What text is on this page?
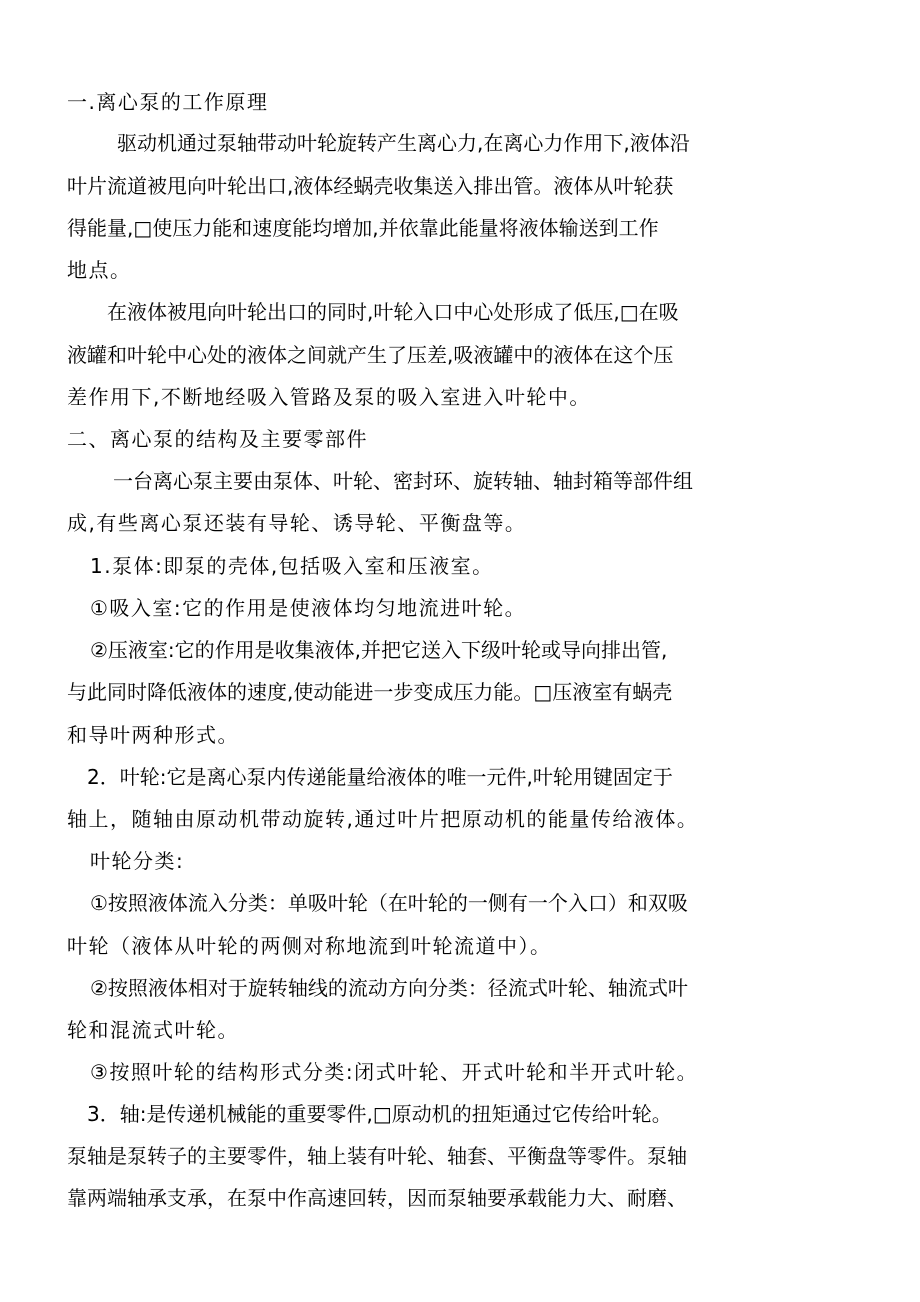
一.离心泵的工作原理
驱动机通过泵轴带动叶轮旋转产生离心力,在离心力作用下,液体沿
叶片流道被甩向叶轮出口,液体经蜗壳收集送入排出管。液体从叶轮获
得能量,□使压力能和速度能均增加,并依靠此能量将液体输送到工作
地点。
在液体被甩向叶轮出口的同时,叶轮入口中心处形成了低压,□在吸
液罐和叶轮中心处的液体之间就产生了压差,吸液罐中的液体在这个压
差作用下,不断地经吸入管路及泵的吸入室进入叶轮中。
二、离心泵的结构及主要零部件
一台离心泵主要由泵体、叶轮、密封环、旋转轴、轴封箱等部件组
成,有些离心泵还装有导轮、诱导轮、平衡盘等。
1.泵体:即泵的壳体,包括吸入室和压液室。
①吸入室:它的作用是使液体均匀地流进叶轮。
②压液室:它的作用是收集液体,并把它送入下级叶轮或导向排出管,
与此同时降低液体的速度,使动能进一步变成压力能。□压液室有蜗壳
和导叶两种形式。
2．叶轮:它是离心泵内传递能量给液体的唯一元件,叶轮用键固定于
轴上，随轴由原动机带动旋转,通过叶片把原动机的能量传给液体。
叶轮分类:
①按照液体流入分类：单吸叶轮（在叶轮的一侧有一个入口）和双吸
叶轮（液体从叶轮的两侧对称地流到叶轮流道中）。
②按照液体相对于旋转轴线的流动方向分类：径流式叶轮、轴流式叶
轮和混流式叶轮。
③按照叶轮的结构形式分类:闭式叶轮、开式叶轮和半开式叶轮。
3．轴:是传递机械能的重要零件,□原动机的扭矩通过它传给叶轮。
泵轴是泵转子的主要零件，轴上装有叶轮、轴套、平衡盘等零件。泵轴
靠两端轴承支承，在泵中作高速回转，因而泵轴要承载能力大、耐磨、
